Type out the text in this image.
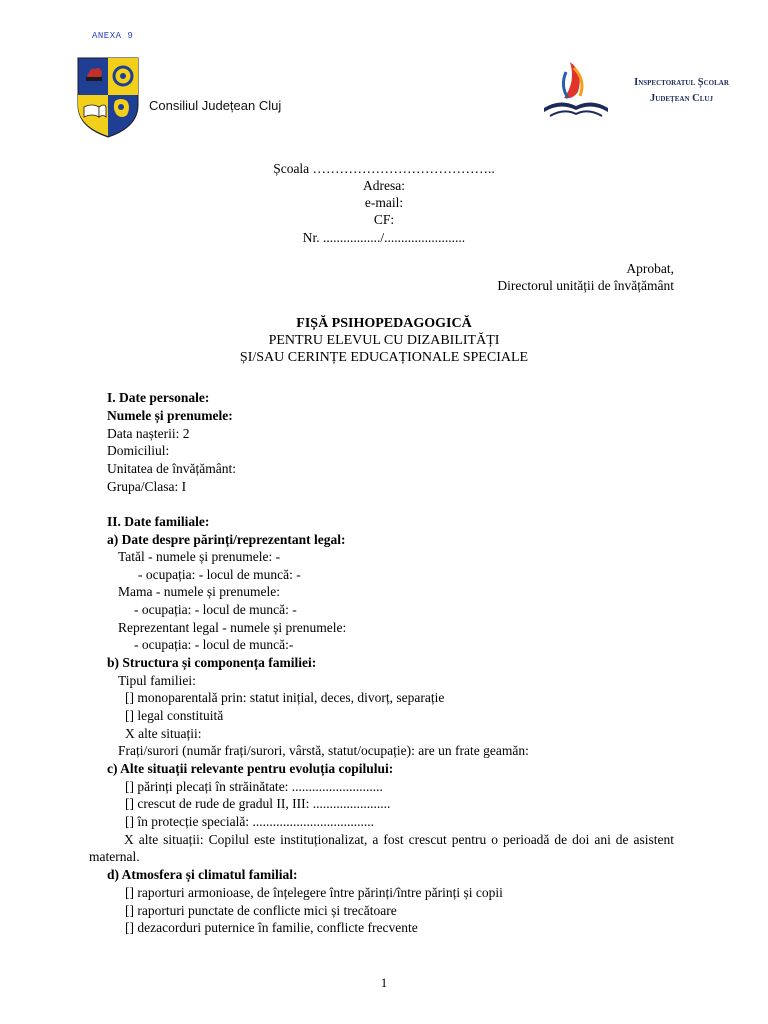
ANEXA 9
Consiliul Județean Cluj
Inspectoratul Școlar
Județean Cluj
Școala …………………………………..
Adresa:
e-mail:
CF:
Nr. ................./........................
Aprobat,
Directorul unității de învățământ
FIȘĂ PSIHOPEDAGOGICĂ
PENTRU ELEVUL CU DIZABILITĂȚI
ȘI/SAU CERINȚE EDUCAȚIONALE SPECIALE
I. Date personale:
Numele și prenumele:
Data nașterii: 2
Domiciliul:
Unitatea de învățământ:
Grupa/Clasa: I
II. Date familiale:
a) Date despre părinți/reprezentant legal:
Tatăl - numele și prenumele: -
- ocupația: - locul de muncă: -
Mama - numele și prenumele:
- ocupația: - locul de muncă: -
Reprezentant legal - numele și prenumele:
- ocupația: - locul de muncă:-
b) Structura și componența familiei:
Tipul familiei:
[] monoparentală prin: statut inițial, deces, divorț, separație
[] legal constituită
X alte situații:
Frați/surori (număr frați/surori, vârstă, statut/ocupație): are un frate geamăn:
c) Alte situații relevante pentru evoluția copilului:
[] părinți plecați în străinătate: ...........................
[] crescut de rude de gradul II, III: .......................
[] în protecție specială: ....................................
X alte situații: Copilul este instituționalizat, a fost crescut pentru o perioadă de doi ani de asistent maternal.
d) Atmosfera și climatul familial:
[] raporturi armonioase, de înțelegere între părinți/între părinți și copii
[] raporturi punctate de conflicte mici și trecătoare
[] dezacorduri puternice în familie, conflicte frecvente
1
